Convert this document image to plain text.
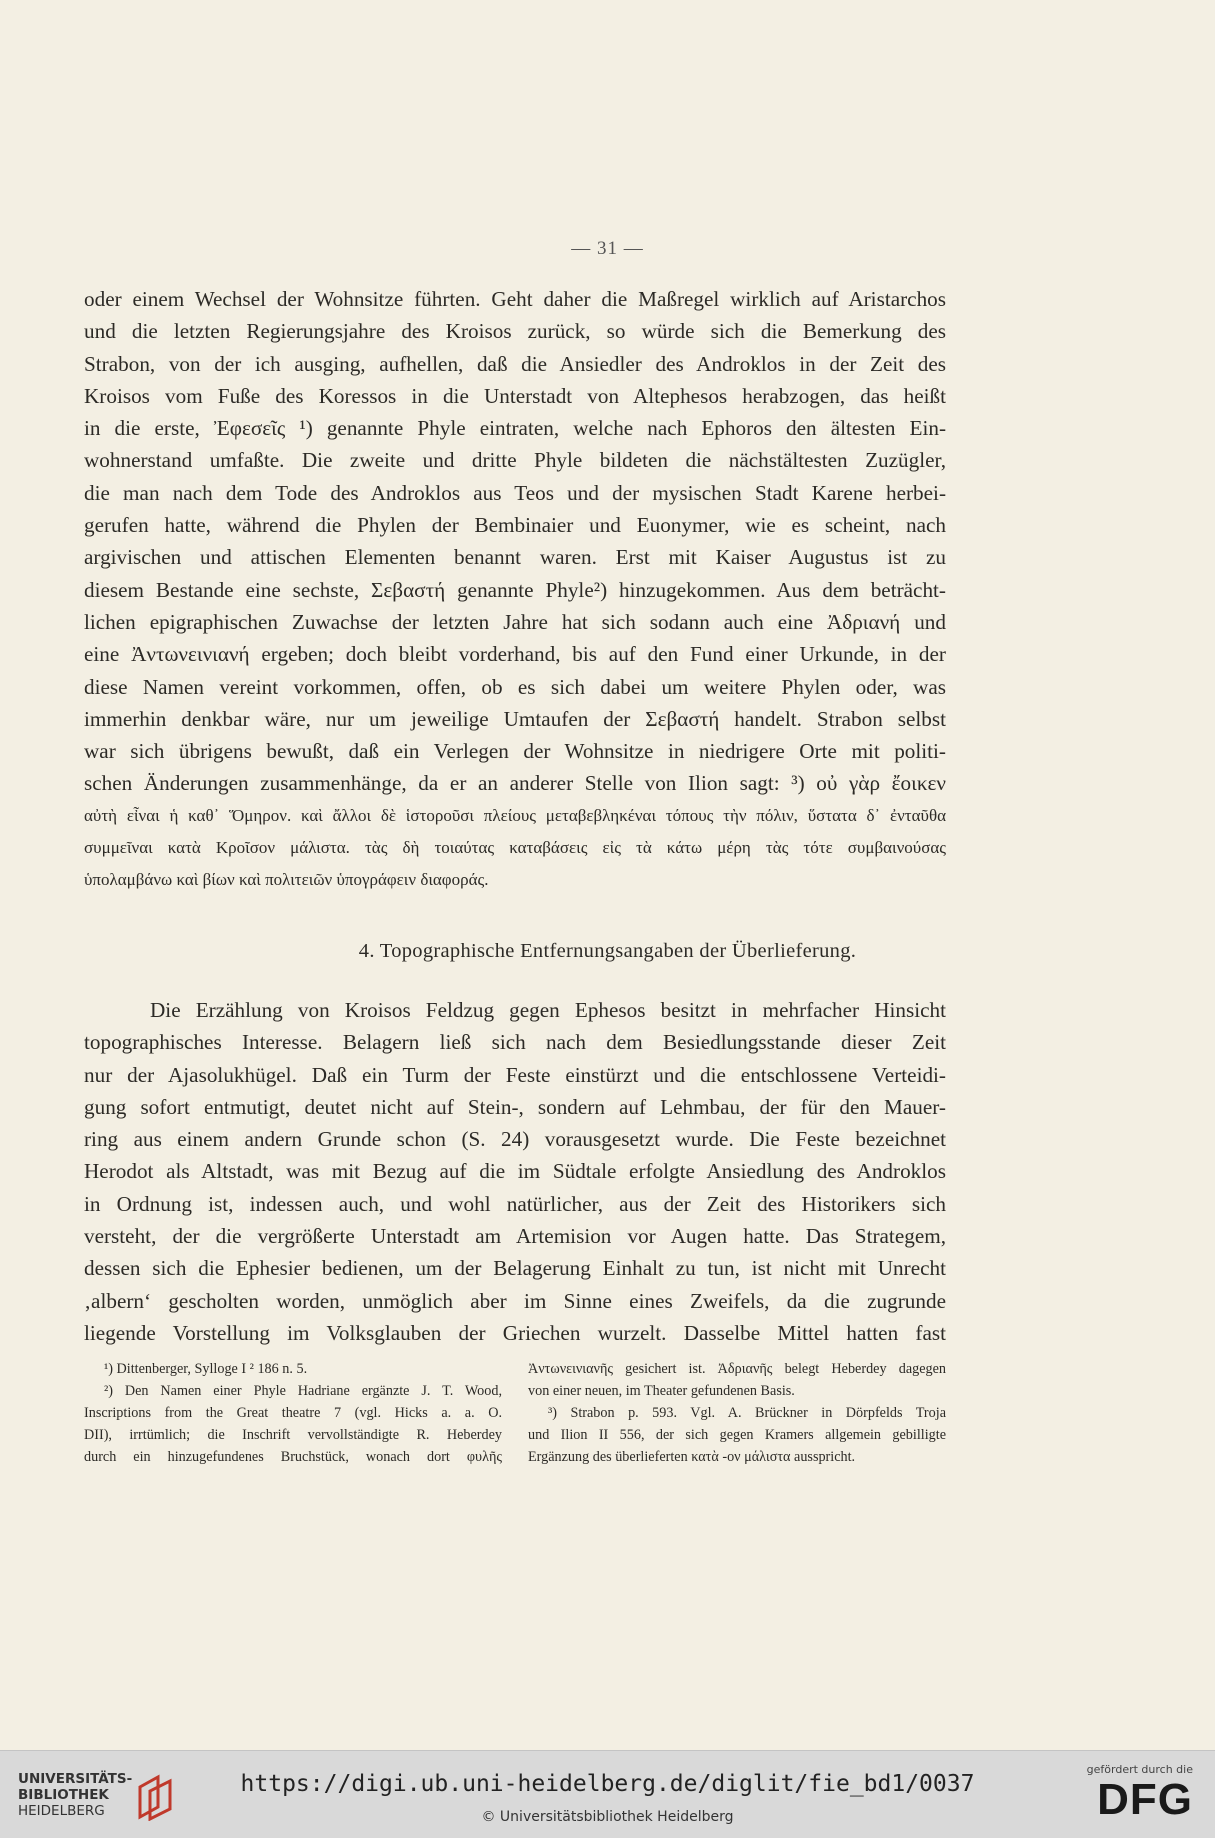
— 31 —
oder einem Wechsel der Wohnsitze führten. Geht daher die Maßregel wirklich auf Aristarchos
und die letzten Regierungsjahre des Kroisos zurück, so würde sich die Bemerkung des
Strabon, von der ich ausging, aufhellen, daß die Ansiedler des Androklos in der Zeit des
Kroisos vom Fuße des Koressos in die Unterstadt von Altephesos herabzogen, das heißt
in die erste, Ἐφεσεῖς ¹) genannte Phyle eintraten, welche nach Ephoros den ältesten Ein-
wohnerstand umfaßte. Die zweite und dritte Phyle bildeten die nächstältesten Zuzügler,
die man nach dem Tode des Androklos aus Teos und der mysischen Stadt Karene herbei-
gerufen hatte, während die Phylen der Bembinaier und Euonymer, wie es scheint, nach
argivischen und attischen Elementen benannt waren. Erst mit Kaiser Augustus ist zu
diesem Bestande eine sechste, Σεβαστή genannte Phyle²) hinzugekommen. Aus dem beträcht-
lichen epigraphischen Zuwachse der letzten Jahre hat sich sodann auch eine Ἀδριανή und
eine Ἀντωνεινιανή ergeben; doch bleibt vorderhand, bis auf den Fund einer Urkunde, in der
diese Namen vereint vorkommen, offen, ob es sich dabei um weitere Phylen oder, was
immerhin denkbar wäre, nur um jeweilige Umtaufen der Σεβαστή handelt. Strabon selbst
war sich übrigens bewußt, daß ein Verlegen der Wohnsitze in niedrigere Orte mit politi-
schen Änderungen zusammenhänge, da er an anderer Stelle von Ilion sagt: ³) οὐ γὰρ ἔοικεν
αὐτὴ εἶναι ἡ καθ᾽ Ὅμηρον. καὶ ἄλλοι δὲ ἱστοροῦσι πλείους μεταβεβληκέναι τόπους τὴν πόλιν, ὕστατα δ᾽ ἐνταῦθα
συμμεῖναι κατὰ Κροῖσον μάλιστα. τὰς δὴ τοιαύτας καταβάσεις εἰς τὰ κάτω μέρη τὰς τότε συμβαινούσας
ὑπολαμβάνω καὶ βίων καὶ πολιτειῶν ὑπογράφειν διαφοράς.
4. Topographische Entfernungsangaben der Überlieferung.
Die Erzählung von Kroisos Feldzug gegen Ephesos besitzt in mehrfacher Hinsicht
topographisches Interesse. Belagern ließ sich nach dem Besiedlungsstande dieser Zeit
nur der Ajasolukhügel. Daß ein Turm der Feste einstürzt und die entschlossene Verteidi-
gung sofort entmutigt, deutet nicht auf Stein-, sondern auf Lehmbau, der für den Mauer-
ring aus einem andern Grunde schon (S. 24) vorausgesetzt wurde. Die Feste bezeichnet
Herodot als Altstadt, was mit Bezug auf die im Südtale erfolgte Ansiedlung des Androklos
in Ordnung ist, indessen auch, und wohl natürlicher, aus der Zeit des Historikers sich
versteht, der die vergrößerte Unterstadt am Artemision vor Augen hatte. Das Strategem,
dessen sich die Ephesier bedienen, um der Belagerung Einhalt zu tun, ist nicht mit Unrecht
‚albern‘ gescholten worden, unmöglich aber im Sinne eines Zweifels, da die zugrunde
liegende Vorstellung im Volksglauben der Griechen wurzelt. Dasselbe Mittel hatten fast
¹) Dittenberger, Sylloge I ² 186 n. 5.
²) Den Namen einer Phyle Hadriane ergänzte J. T. Wood,
Inscriptions from the Great theatre 7 (vgl. Hicks a. a. O.
DII), irrtümlich; die Inschrift vervollständigte R. Heberdey
durch ein hinzugefundenes Bruchstück, wonach dort φυλῆς
Ἀντωνεινιανῆς gesichert ist. Ἀδριανῆς belegt Heberdey dagegen
von einer neuen, im Theater gefundenen Basis.
³) Strabon p. 593. Vgl. A. Brückner in Dörpfelds Troja
und Ilion II 556, der sich gegen Kramers allgemein gebilligte
Ergänzung des überlieferten κατὰ -ον μάλιστα ausspricht.
UNIVERSITÄTS-
BIBLIOTHEK
HEIDELBERG
https://digi.ub.uni-heidelberg.de/diglit/fie_bd1/0037
© Universitätsbibliothek Heidelberg
gefördert durch die
DFG
